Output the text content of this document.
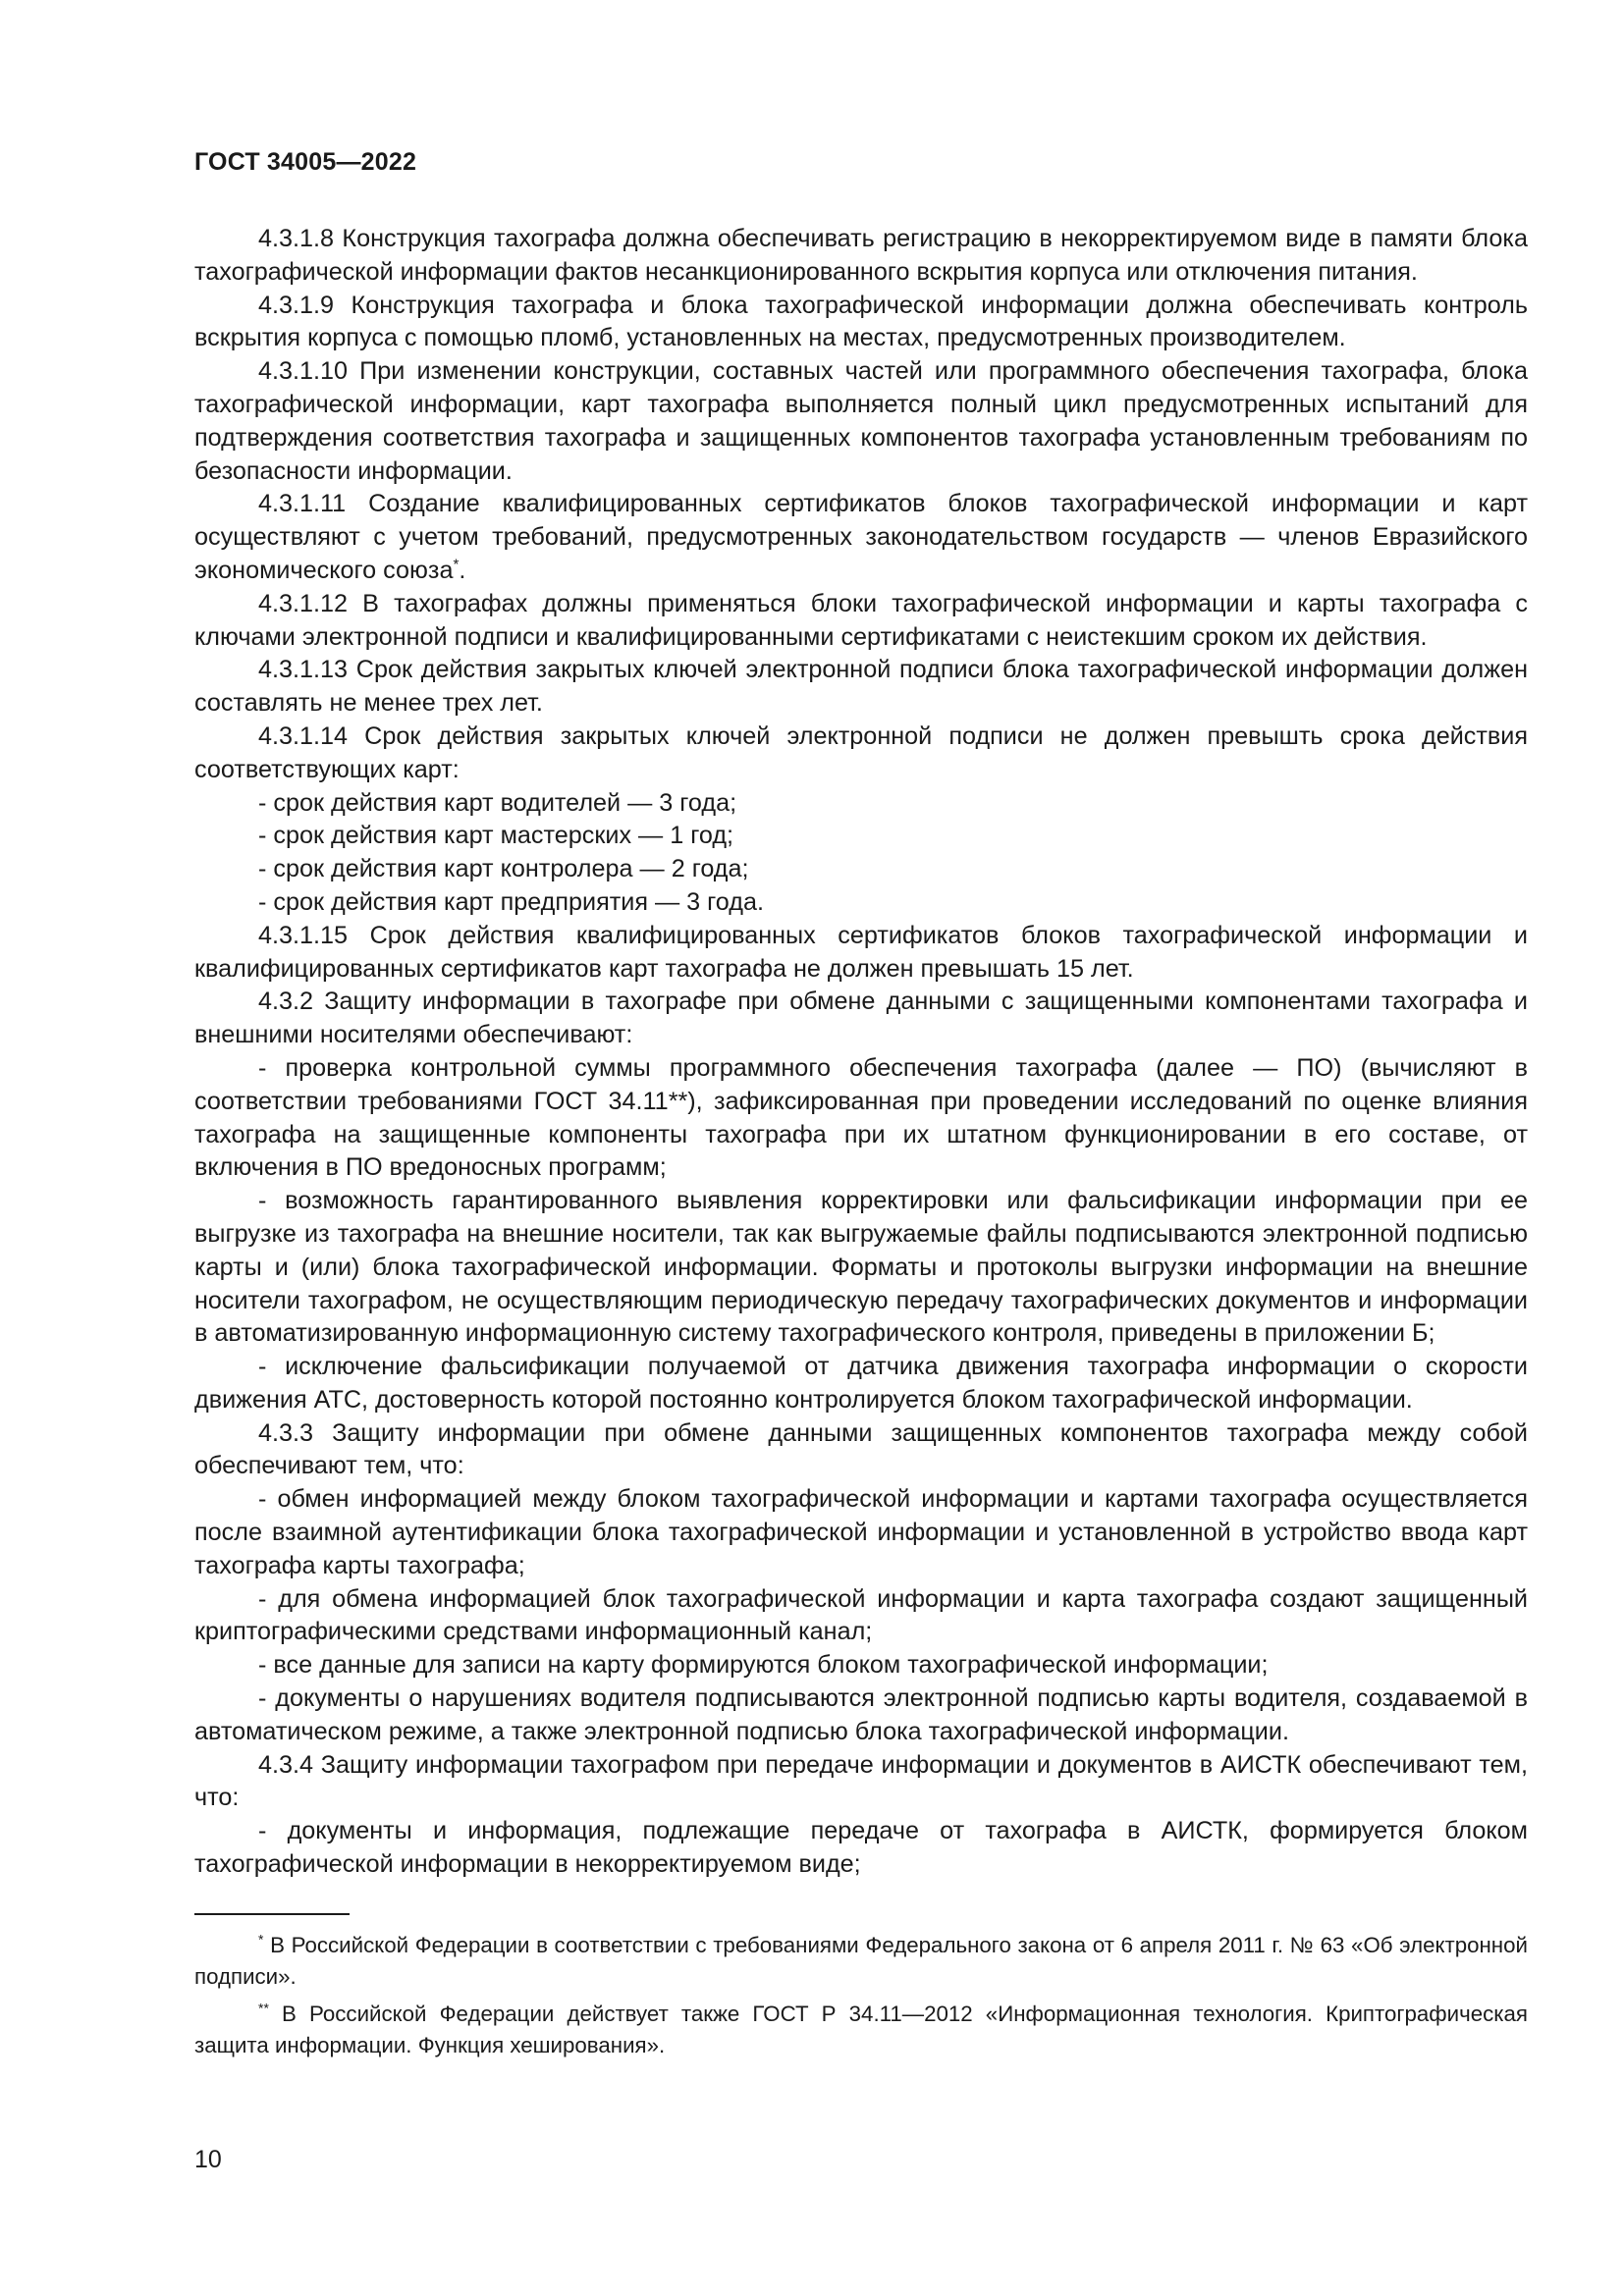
ГОСТ 34005—2022

4.3.1.8 Конструкция тахографа должна обеспечивать регистрацию в некорректируемом виде в памяти блока тахографической информации фактов несанкционированного вскрытия корпуса или отключения питания.

4.3.1.9 Конструкция тахографа и блока тахографической информации должна обеспечивать контроль вскрытия корпуса с помощью пломб, установленных на местах, предусмотренных производителем.

4.3.1.10 При изменении конструкции, составных частей или программного обеспечения тахографа, блока тахографической информации, карт тахографа выполняется полный цикл предусмотренных испытаний для подтверждения соответствия тахографа и защищенных компонентов тахографа установленным требованиям по безопасности информации.

4.3.1.11 Создание квалифицированных сертификатов блоков тахографической информации и карт осуществляют с учетом требований, предусмотренных законодательством государств — членов Евразийского экономического союза*.

4.3.1.12 В тахографах должны применяться блоки тахографической информации и карты тахографа с ключами электронной подписи и квалифицированными сертификатами с неистекшим сроком их действия.

4.3.1.13 Срок действия закрытых ключей электронной подписи блока тахографической информации должен составлять не менее трех лет.

4.3.1.14 Срок действия закрытых ключей электронной подписи не должен превышть срока действия соответствующих карт:

- срок действия карт водителей — 3 года;

- срок действия карт мастерских — 1 год;

- срок действия карт контролера — 2 года;

- срок действия карт предприятия — 3 года.

4.3.1.15 Срок действия квалифицированных сертификатов блоков тахографической информации и квалифицированных сертификатов карт тахографа не должен превышать 15 лет.

4.3.2 Защиту информации в тахографе при обмене данными с защищенными компонентами тахографа и внешними носителями обеспечивают:

- проверка контрольной суммы программного обеспечения тахографа (далее — ПО) (вычисляют в соответствии требованиями ГОСТ 34.11**), зафиксированная при проведении исследований по оценке влияния тахографа на защищенные компоненты тахографа при их штатном функционировании в его составе, от включения в ПО вредоносных программ;

- возможность гарантированного выявления корректировки или фальсификации информации при ее выгрузке из тахографа на внешние носители, так как выгружаемые файлы подписываются электронной подписью карты и (или) блока тахографической информации. Форматы и протоколы выгрузки информации на внешние носители тахографом, не осуществляющим периодическую передачу тахографических документов и информации в автоматизированную информационную систему тахографического контроля, приведены в приложении Б;

- исключение фальсификации получаемой от датчика движения тахографа информации о скорости движения АТС, достоверность которой постоянно контролируется блоком тахографической информации.

4.3.3 Защиту информации при обмене данными защищенных компонентов тахографа между собой обеспечивают тем, что:

- обмен информацией между блоком тахографической информации и картами тахографа осуществляется после взаимной аутентификации блока тахографической информации и установленной в устройство ввода карт тахографа карты тахографа;

- для обмена информацией блок тахографической информации и карта тахографа создают защищенный криптографическими средствами информационный канал;

- все данные для записи на карту формируются блоком тахографической информации;

- документы о нарушениях водителя подписываются электронной подписью карты водителя, создаваемой в автоматическом режиме, а также электронной подписью блока тахографической информации.

4.3.4 Защиту информации тахографом при передаче информации и документов в АИСТК обеспечивают тем, что:

- документы и информация, подлежащие передаче от тахографа в АИСТК, формируется блоком тахографической информации в некорректируемом виде;

* В Российской Федерации в соответствии с требованиями Федерального закона от 6 апреля 2011 г. № 63 «Об электронной подписи».

** В Российской Федерации действует также ГОСТ Р 34.11—2012 «Информационная технология. Криптографическая защита информации. Функция хеширования».

10
